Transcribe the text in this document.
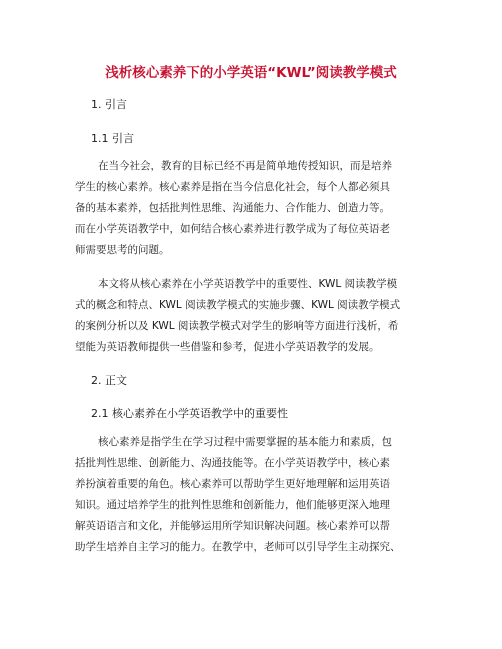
浅析核心素养下的小学英语“KWL”阅读教学模式
1. 引言
1.1 引言
在当今社会，教育的目标已经不再是简单地传授知识，而是培养
学生的核心素养。核心素养是指在当今信息化社会，每个人都必须具
备的基本素养，包括批判性思维、沟通能力、合作能力、创造力等。
而在小学英语教学中，如何结合核心素养进行教学成为了每位英语老
师需要思考的问题。
本文将从核心素养在小学英语教学中的重要性、KWL 阅读教学模
式的概念和特点、KWL 阅读教学模式的实施步骤、KWL 阅读教学模式
的案例分析以及 KWL 阅读教学模式对学生的影响等方面进行浅析，希
望能为英语教师提供一些借鉴和参考，促进小学英语教学的发展。
2. 正文
2.1 核心素养在小学英语教学中的重要性
核心素养是指学生在学习过程中需要掌握的基本能力和素质，包
括批判性思维、创新能力、沟通技能等。在小学英语教学中，核心素
养扮演着重要的角色。核心素养可以帮助学生更好地理解和运用英语
知识。通过培养学生的批判性思维和创新能力，他们能够更深入地理
解英语语言和文化，并能够运用所学知识解决问题。核心素养可以帮
助学生培养自主学习的能力。在教学中，老师可以引导学生主动探究、
